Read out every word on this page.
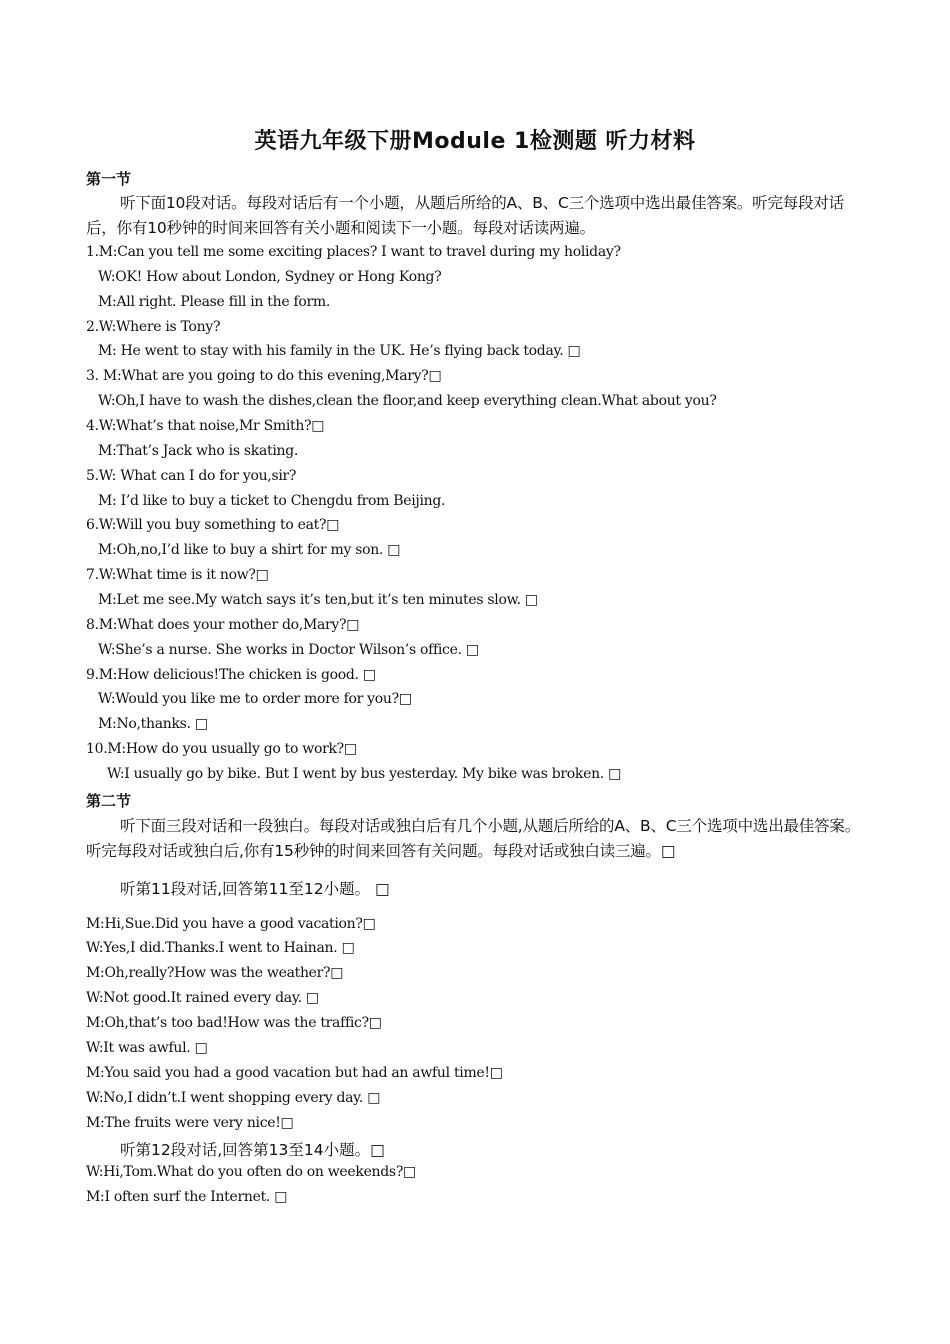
英语九年级下册Module 1检测题 听力材料
第一节
听下面10段对话。每段对话后有一个小题，从题后所给的A、B、C三个选项中选出最佳答案。听完每段对话后，你有10秒钟的时间来回答有关小题和阅读下一小题。每段对话读两遍。
1.M:Can you tell me some exciting places? I want to travel during my holiday?
W:OK! How about London, Sydney or Hong Kong?
M:All right. Please fill in the form.
2.W:Where is Tony?
M: He went to stay with his family in the UK. He’s flying back today. □
3. M:What are you going to do this evening,Mary?□
W:Oh,I have to wash the dishes,clean the floor,and keep everything clean.What about you?
4.W:What’s that noise,Mr Smith?□
M:That’s Jack who is skating.
5.W: What can I do for you,sir?
M: I’d like to buy a ticket to Chengdu from Beijing.
6.W:Will you buy something to eat?□
M:Oh,no,I’d like to buy a shirt for my son. □
7.W:What time is it now?□
M:Let me see.My watch says it’s ten,but it’s ten minutes slow. □
8.M:What does your mother do,Mary?□
W:She’s a nurse. She works in Doctor Wilson’s office. □
9.M:How delicious!The chicken is good. □
W:Would you like me to order more for you?□
M:No,thanks. □
10.M:How do you usually go to work?□
W:I usually go by bike. But I went by bus yesterday. My bike was broken. □
第二节
听下面三段对话和一段独白。每段对话或独白后有几个小题,从题后所给的A、B、C三个选项中选出最佳答案。听完每段对话或独白后,你有15秒钟的时间来回答有关问题。每段对话或独白读三遍。□
听第11段对话,回答第11至12小题。 □
M:Hi,Sue.Did you have a good vacation?□
W:Yes,I did.Thanks.I went to Hainan. □
M:Oh,really?How was the weather?□
W:Not good.It rained every day. □
M:Oh,that’s too bad!How was the traffic?□
W:It was awful. □
M:You said you had a good vacation but had an awful time!□
W:No,I didn’t.I went shopping every day. □
M:The fruits were very nice!□
听第12段对话,回答第13至14小题。□
W:Hi,Tom.What do you often do on weekends?□
M:I often surf the Internet. □
